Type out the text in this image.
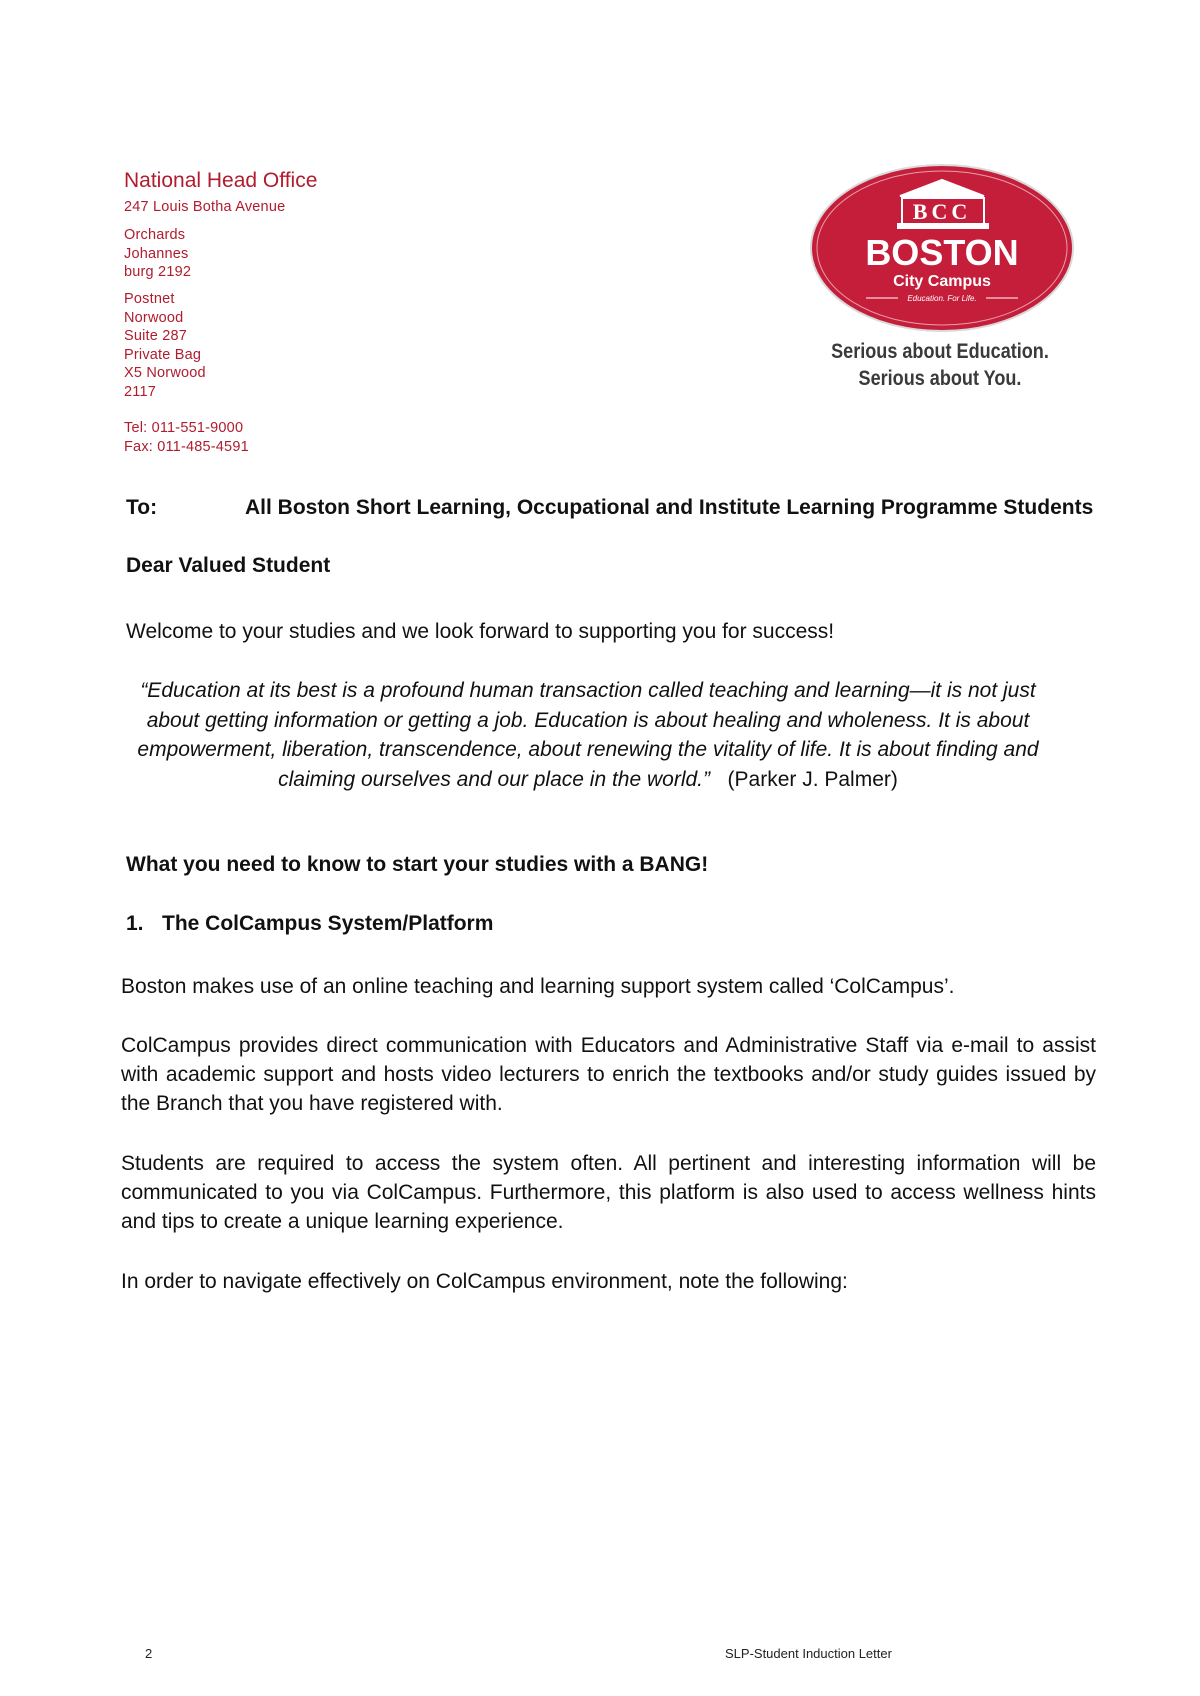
National Head Office
247 Louis Botha Avenue
Orchards
Johannes
burg 2192
Postnet
Norwood
Suite 287
Private Bag
X5 Norwood
2117
Tel: 011-551-9000
Fax: 011-485-4591
BCC
BOSTON
City Campus
Education. For Life.
Serious about Education.
Serious about You.
To:	All Boston Short Learning, Occupational and Institute Learning Programme Students
Dear Valued Student
Welcome to your studies and we look forward to supporting you for success!
“Education at its best is a profound human transaction called teaching and learning—it is not just about getting information or getting a job. Education is about healing and wholeness. It is about empowerment, liberation, transcendence, about renewing the vitality of life. It is about finding and claiming ourselves and our place in the world.” (Parker J. Palmer)
What you need to know to start your studies with a BANG!
1. The ColCampus System/Platform
Boston makes use of an online teaching and learning support system called ‘ColCampus’.
ColCampus provides direct communication with Educators and Administrative Staff via e-mail to assist with academic support and hosts video lecturers to enrich the textbooks and/or study guides issued by the Branch that you have registered with.
Students are required to access the system often. All pertinent and interesting information will be communicated to you via ColCampus. Furthermore, this platform is also used to access wellness hints and tips to create a unique learning experience.
In order to navigate effectively on ColCampus environment, note the following:
2	SLP-Student Induction Letter
